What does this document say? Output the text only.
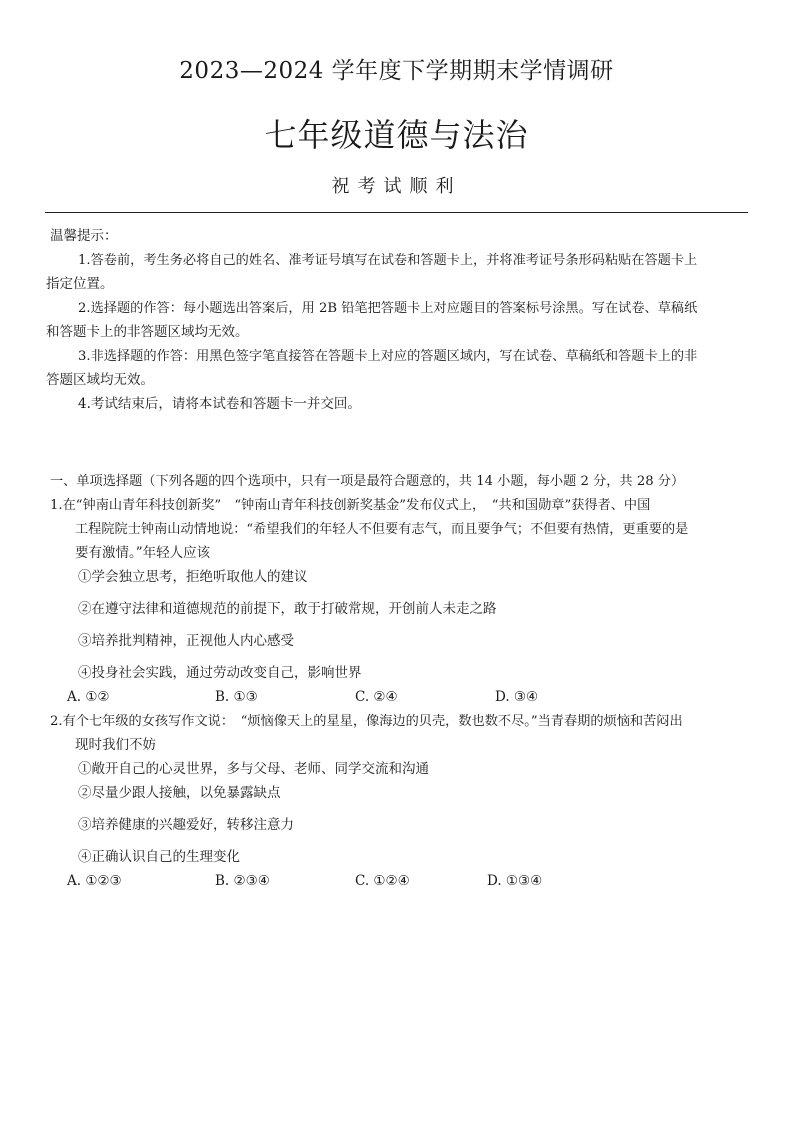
2023—2024 学年度下学期期末学情调研
七年级道德与法治
祝考试顺利
温馨提示：
1.答卷前，考生务必将自己的姓名、准考证号填写在试卷和答题卡上，并将准考证号条形码粘贴在答题卡上
指定位置。
2.选择题的作答：每小题选出答案后，用 2B 铅笔把答题卡上对应题目的答案标号涂黑。写在试卷、草稿纸
和答题卡上的非答题区域均无效。
3.非选择题的作答：用黑色签字笔直接答在答题卡上对应的答题区域内，写在试卷、草稿纸和答题卡上的非
答题区域均无效。
4.考试结束后，请将本试卷和答题卡一并交回。
一、单项选择题（下列各题的四个选项中，只有一项是最符合题意的，共 14 小题，每小题 2 分，共 28 分）
1.在“钟南山青年科技创新奖”　“钟南山青年科技创新奖基金”发布仪式上，　“共和国勋章”获得者、中国
工程院院士钟南山动情地说：“希望我们的年轻人不但要有志气，而且要争气；不但要有热情，更重要的是
要有激情。”年轻人应该
①学会独立思考，拒绝听取他人的建议
②在遵守法律和道德规范的前提下，敢于打破常规，开创前人未走之路
③培养批判精神，正视他人内心感受
④投身社会实践，通过劳动改变自己，影响世界
A. ①②	B. ①③	C. ②④	D. ③④
2.有个七年级的女孩写作文说：　“烦恼像天上的星星，像海边的贝壳，数也数不尽。”当青春期的烦恼和苦闷出
现时我们不妨
①敞开自己的心灵世界，多与父母、老师、同学交流和沟通
②尽量少跟人接触，以免暴露缺点
③培养健康的兴趣爱好，转移注意力
④正确认识自己的生理变化
A. ①②③	B. ②③④	C. ①②④	D. ①③④
